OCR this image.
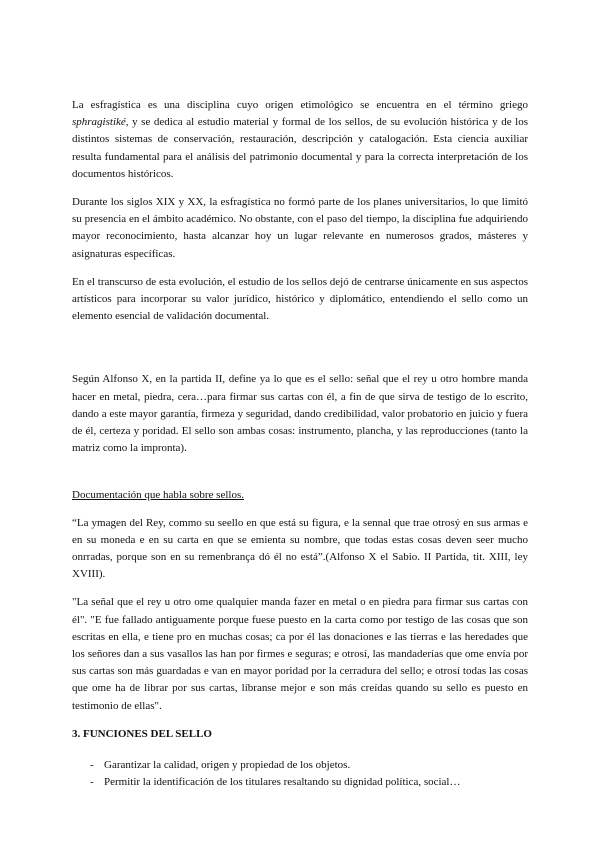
La esfragística es una disciplina cuyo origen etimológico se encuentra en el término griego sphragistiké, y se dedica al estudio material y formal de los sellos, de su evolución histórica y de los distintos sistemas de conservación, restauración, descripción y catalogación. Esta ciencia auxiliar resulta fundamental para el análisis del patrimonio documental y para la correcta interpretación de los documentos históricos.

Durante los siglos XIX y XX, la esfragística no formó parte de los planes universitarios, lo que limitó su presencia en el ámbito académico. No obstante, con el paso del tiempo, la disciplina fue adquiriendo mayor reconocimiento, hasta alcanzar hoy un lugar relevante en numerosos grados, másteres y asignaturas específicas.

En el transcurso de esta evolución, el estudio de los sellos dejó de centrarse únicamente en sus aspectos artísticos para incorporar su valor jurídico, histórico y diplomático, entendiendo el sello como un elemento esencial de validación documental.

Según Alfonso X, en la partida II, define ya lo que es el sello: señal que el rey u otro hombre manda hacer en metal, piedra, cera…para firmar sus cartas con él, a fin de que sirva de testigo de lo escrito, dando a este mayor garantía, firmeza y seguridad, dando credibilidad, valor probatorio en juicio y fuera de él, certeza y poridad. El sello son ambas cosas: instrumento, plancha, y las reproducciones (tanto la matriz como la impronta).

Documentación que habla sobre sellos.

“La ymagen del Rey, commo su seello en que está su figura, e la sennal que trae otrosý en sus armas e en su moneda e en su carta en que se emienta su nombre, que todas estas cosas deven seer mucho onrradas, porque son en su remenbrança dó él no está”.(Alfonso X el Sabio. II Partida, tit. XIII, ley XVIII).

"La señal que el rey u otro ome qualquier manda fazer en metal o en piedra para firmar sus cartas con él". "E fue fallado antiguamente porque fuese puesto en la carta como por testigo de las cosas que son escritas en ella, e tiene pro en muchas cosas; ca por él las donaciones e las tierras e las heredades que los señores dan a sus vasallos las han por firmes e seguras; e otrosí, las mandaderías que ome envía por sus cartas son más guardadas e van en mayor poridad por la cerradura del sello; e otrosí todas las cosas que ome ha de librar por sus cartas, líbranse mejor e son más creídas quando su sello es puesto en testimonio de ellas".

3. FUNCIONES DEL SELLO
- Garantizar la calidad, origen y propiedad de los objetos.
- Permitir la identificación de los titulares resaltando su dignidad política, social…
